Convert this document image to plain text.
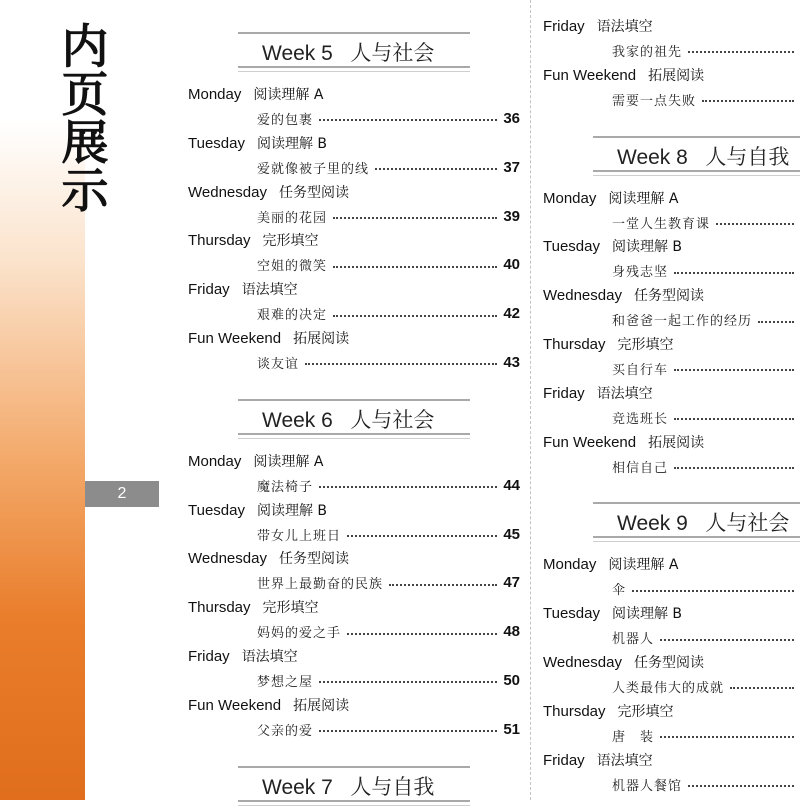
内
页
展
示
2
Week 5   人与社会
Monday 阅读理解 A
爱的包裹	36
Tuesday 阅读理解 B
爱就像被子里的线	37
Wednesday 任务型阅读
美丽的花园	39
Thursday 完形填空
空姐的微笑	40
Friday 语法填空
艰难的决定	42
Fun Weekend 拓展阅读
谈友谊	43
Week 6   人与社会
Monday 阅读理解 A
魔法椅子	44
Tuesday 阅读理解 B
带女儿上班日	45
Wednesday 任务型阅读
世界上最勤奋的民族	47
Thursday 完形填空
妈妈的爱之手	48
Friday 语法填空
梦想之屋	50
Fun Weekend 拓展阅读
父亲的爱	51
Week 7   人与自我
Friday 语法填空
我家的祖先
Fun Weekend 拓展阅读
需要一点失败
Week 8   人与自我
Monday 阅读理解 A
一堂人生教育课
Tuesday 阅读理解 B
身残志坚
Wednesday 任务型阅读
和爸爸一起工作的经历
Thursday 完形填空
买自行车
Friday 语法填空
竞选班长
Fun Weekend 拓展阅读
相信自己
Week 9   人与社会
Monday 阅读理解 A
伞
Tuesday 阅读理解 B
机器人
Wednesday 任务型阅读
人类最伟大的成就
Thursday 完形填空
唐　装
Friday 语法填空
机器人餐馆
